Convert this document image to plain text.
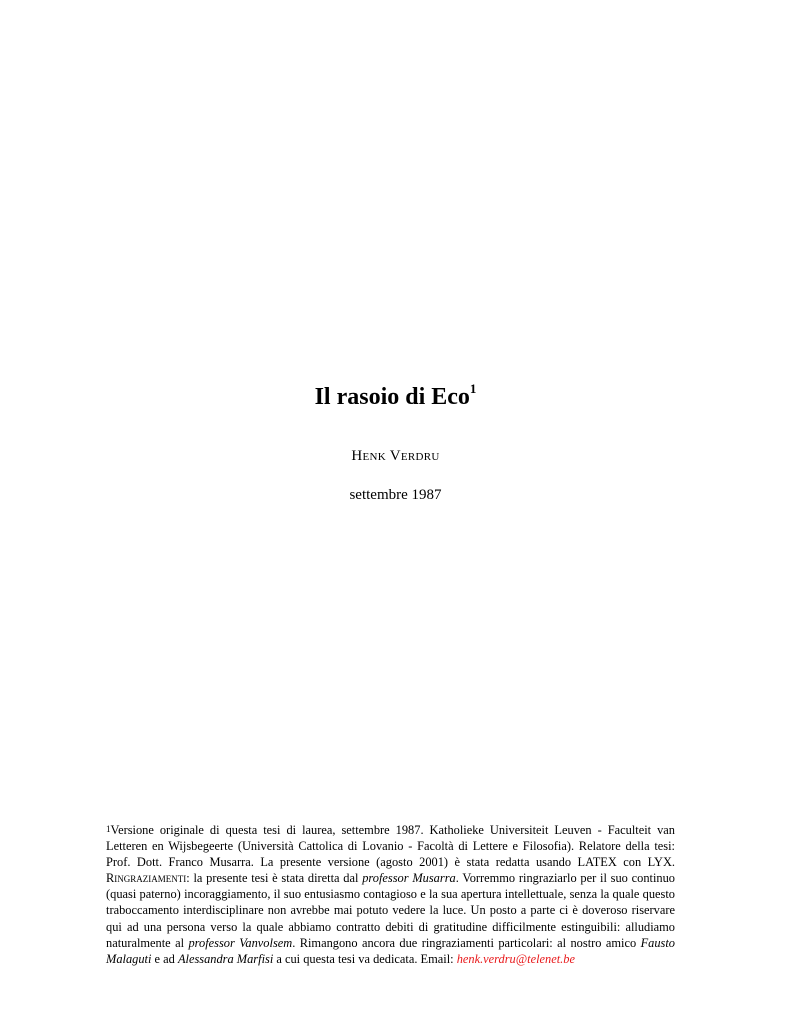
Il rasoio di Eco$^1$
Henk Verdru
settembre 1987
$^1$Versione originale di questa tesi di laurea, settembre 1987. Katholieke Universiteit Leuven - Faculteit van Letteren en Wijsbegeerte (Università Cattolica di Lovanio - Facoltà di Lettere e Filosofia). Relatore della tesi: Prof. Dott. Franco Musarra. La presente versione (agosto 2001) è stata redatta usando LATEX con LYX. Ringraziamenti: la presente tesi è stata diretta dal professor Musarra. Vorremmo ringraziarlo per il suo continuo (quasi paterno) incoraggiamento, il suo entusiasmo contagioso e la sua apertura intellettuale, senza la quale questo traboccamento interdisciplinare non avrebbe mai potuto vedere la luce. Un posto a parte ci è doveroso riservare qui ad una persona verso la quale abbiamo contratto debiti di gratitudine difficilmente estinguibili: alludiamo naturalmente al professor Vanvolsem. Rimangono ancora due ringraziamenti particolari: al nostro amico Fausto Malaguti e ad Alessandra Marfisi a cui questa tesi va dedicata. Email: henk.verdru@telenet.be
